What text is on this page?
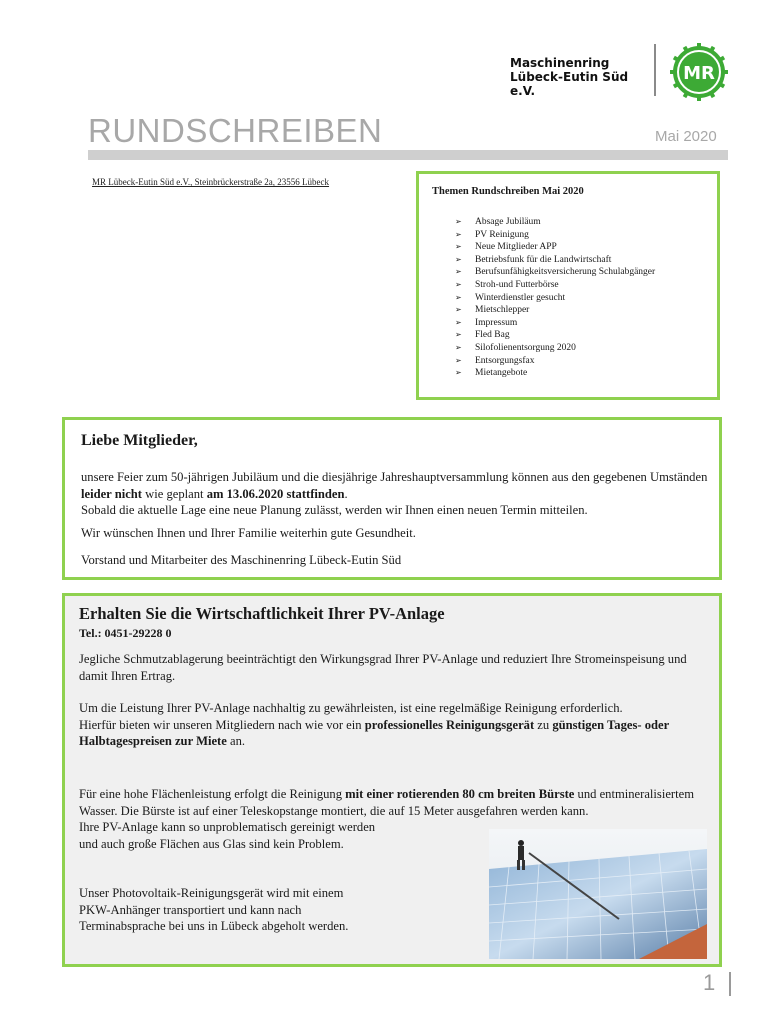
Maschinenring
Lübeck-Eutin Süd e.V.
MR
RUNDSCHREIBEN	Mai 2020
MR Lübeck-Eutin Süd e.V., Steinbrückerstraße 2a, 23556 Lübeck
Themen Rundschreiben Mai 2020
➢	Absage Jubiläum
➢	PV Reinigung
➢	Neue Mitglieder APP
➢	Betriebsfunk für die Landwirtschaft
➢	Berufsunfähigkeitsversicherung Schulabgänger
➢	Stroh-und Futterbörse
➢	Winterdienstler gesucht
➢	Mietschlepper
➢	Impressum
➢	Fled Bag
➢	Silofolienentsorgung 2020
➢	Entsorgungsfax
➢	Mietangebote
Liebe Mitglieder,

unsere Feier zum 50-jährigen Jubiläum und die diesjährige Jahreshauptversammlung können aus den gegebenen Umständen leider nicht wie geplant am 13.06.2020 stattfinden.
Sobald die aktuelle Lage eine neue Planung zulässt, werden wir Ihnen einen neuen Termin mitteilen.

Wir wünschen Ihnen und Ihrer Familie weiterhin gute Gesundheit.

Vorstand und Mitarbeiter des Maschinenring Lübeck-Eutin Süd

Erhalten Sie die Wirtschaftlichkeit Ihrer PV-Anlage
Tel.: 0451-29228 0

Jegliche Schmutzablagerung beeinträchtigt den Wirkungsgrad Ihrer PV-Anlage und reduziert Ihre Stromeinspeisung und damit Ihren Ertrag.

Um die Leistung Ihrer PV-Anlage nachhaltig zu gewährleisten, ist eine regelmäßige Reinigung erforderlich.
Hierfür bieten wir unseren Mitgliedern nach wie vor ein professionelles Reinigungsgerät zu günstigen Tages- oder Halbtagespreisen zur Miete an.

Für eine hohe Flächenleistung erfolgt die Reinigung mit einer rotierenden 80 cm breiten Bürste und entmineralisiertem Wasser. Die Bürste ist auf einer Teleskopstange montiert, die auf 15 Meter ausgefahren werden kann.
Ihre PV-Anlage kann so unproblematisch gereinigt werden
und auch große Flächen aus Glas sind kein Problem.

Unser Photovoltaik-Reinigungsgerät wird mit einem
PKW-Anhänger transportiert und kann nach
Terminabsprache bei uns in Lübeck abgeholt werden.

1
